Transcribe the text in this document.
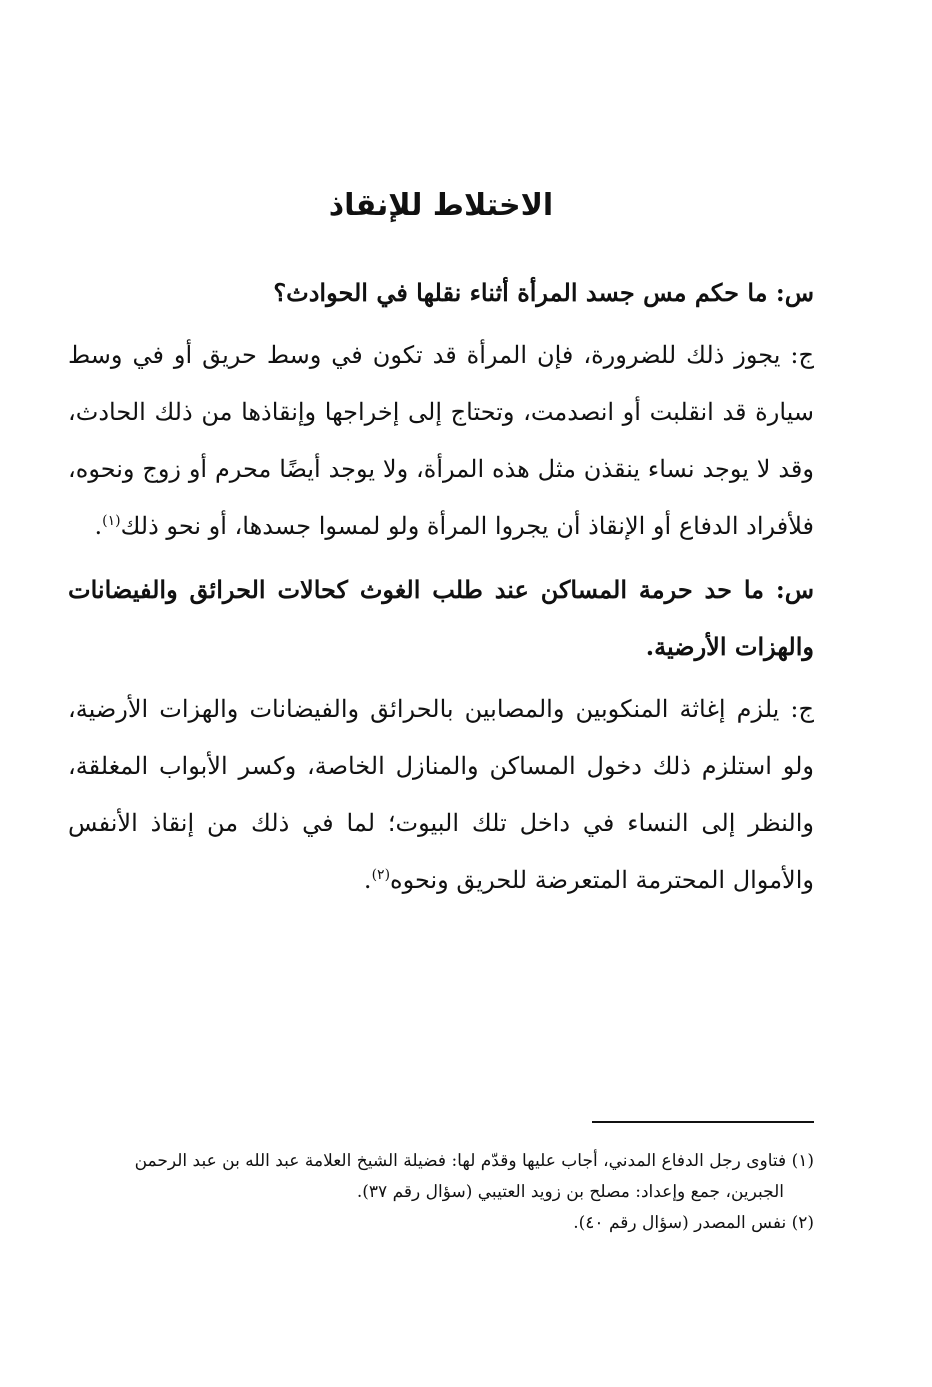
الاختلاط للإنقاذ

س: ما حكم مس جسد المرأة أثناء نقلها في الحوادث؟

ج: يجوز ذلك للضرورة، فإن المرأة قد تكون في وسط حريق أو في وسط سيارة قد انقلبت أو انصدمت، وتحتاج إلى إخراجها وإنقاذها من ذلك الحادث، وقد لا يوجد نساء ينقذن مثل هذه المرأة، ولا يوجد أيضًا محرم أو زوج ونحوه، فلأفراد الدفاع أو الإنقاذ أن يجروا المرأة ولو لمسوا جسدها، أو نحو ذلك$^{(١)}$.

س: ما حد حرمة المساكن عند طلب الغوث كحالات الحرائق والفيضانات والهزات الأرضية.

ج: يلزم إغاثة المنكوبين والمصابين بالحرائق والفيضانات والهزات الأرضية، ولو استلزم ذلك دخول المساكن والمنازل الخاصة، وكسر الأبواب المغلقة، والنظر إلى النساء في داخل تلك البيوت؛ لما في ذلك من إنقاذ الأنفس والأموال المحترمة المتعرضة للحريق ونحوه$^{(٢)}$.

(١) فتاوى رجل الدفاع المدني، أجاب عليها وقدّم لها: فضيلة الشيخ العلامة عبد الله بن عبد الرحمن
الجبرين، جمع وإعداد: مصلح بن زويد العتيبي (سؤال رقم ٣٧).

(٢) نفس المصدر (سؤال رقم ٤٠).
